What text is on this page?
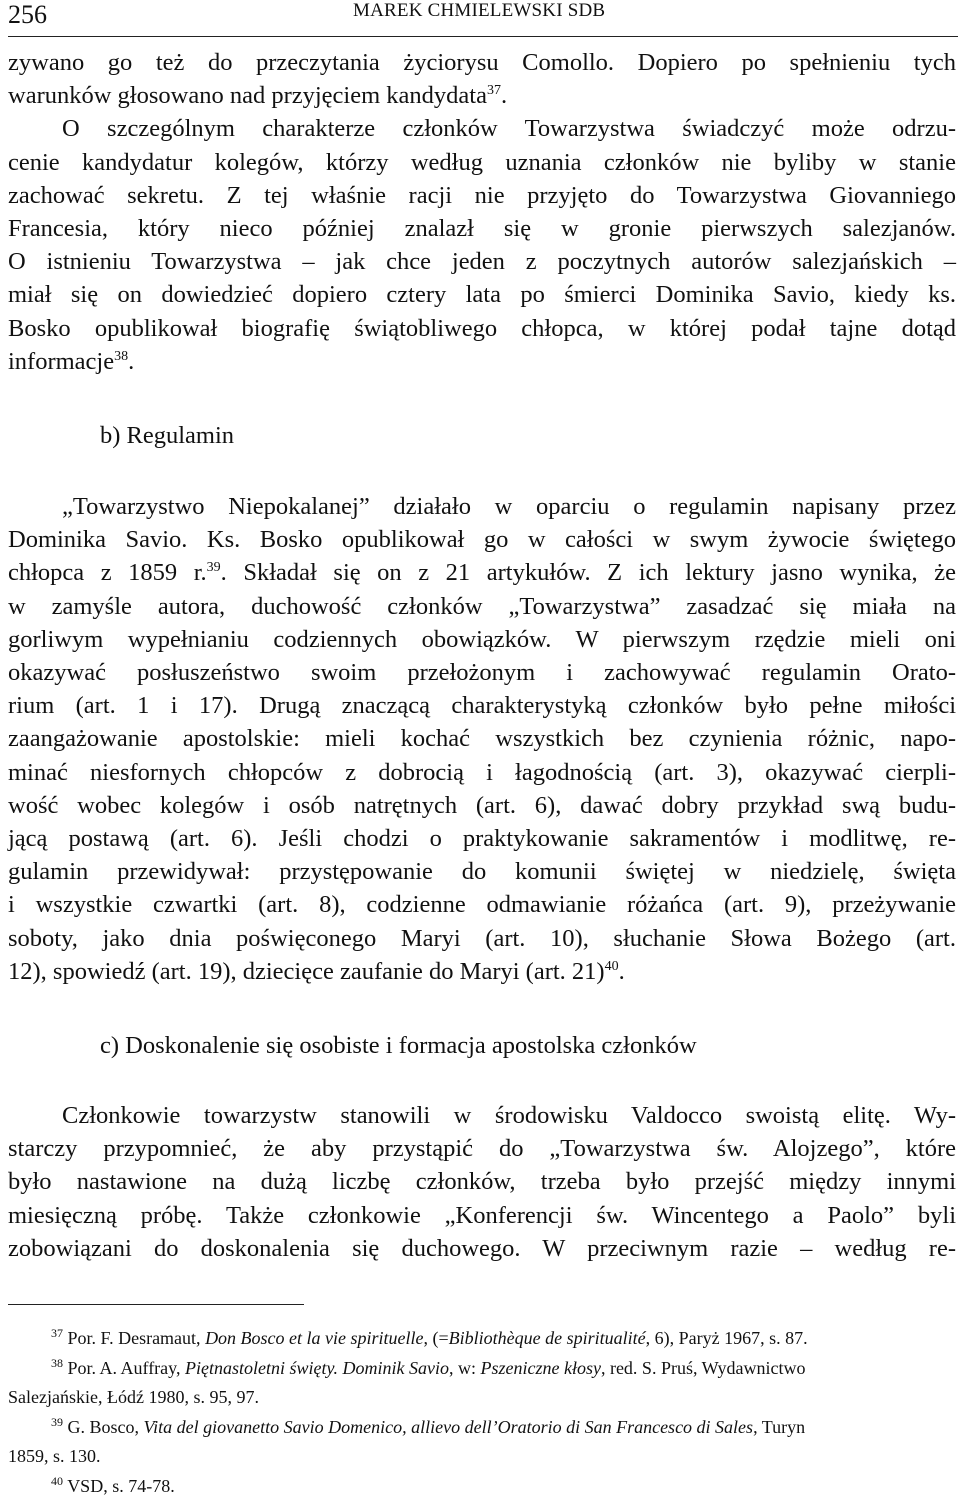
256	MAREK CHMIELEWSKI SDB
zywano go też do przeczytania życiorysu Comollo. Dopiero po spełnieniu tych
warunków głosowano nad przyjęciem kandydata$^{37}$.
O szczególnym charakterze członków Towarzystwa świadczyć może odrzu-
cenie kandydatur kolegów, którzy według uznania członków nie byliby w stanie
zachować sekretu. Z tej właśnie racji nie przyjęto do Towarzystwa Giovanniego
Francesia, który nieco później znalazł się w gronie pierwszych salezjanów.
O istnieniu Towarzystwa – jak chce jeden z poczytnych autorów salezjańskich –
miał się on dowiedzieć dopiero cztery lata po śmierci Dominika Savio, kiedy ks.
Bosko opublikował biografię świątobliwego chłopca, w której podał tajne dotąd
informacje$^{38}$.
b) Regulamin
„Towarzystwo Niepokalanej” działało w oparciu o regulamin napisany przez
Dominika Savio. Ks. Bosko opublikował go w całości w swym żywocie świętego
chłopca z 1859 r.$^{39}$. Składał się on z 21 artykułów. Z ich lektury jasno wynika, że
w zamyśle autora, duchowość członków „Towarzystwa” zasadzać się miała na
gorliwym wypełnianiu codziennych obowiązków. W pierwszym rzędzie mieli oni
okazywać posłuszeństwo swoim przełożonym i zachowywać regulamin Orato-
rium (art. 1 i 17). Drugą znaczącą charakterystyką członków było pełne miłości
zaangażowanie apostolskie: mieli kochać wszystkich bez czynienia różnic, napo-
minać niesfornych chłopców z dobrocią i łagodnością (art. 3), okazywać cierpli-
wość wobec kolegów i osób natrętnych (art. 6), dawać dobry przykład swą budu-
jącą postawą (art. 6). Jeśli chodzi o praktykowanie sakramentów i modlitwę, re-
gulamin przewidywał: przystępowanie do komunii świętej w niedzielę, święta
i wszystkie czwartki (art. 8), codzienne odmawianie różańca (art. 9), przeżywanie
soboty, jako dnia poświęconego Maryi (art. 10), słuchanie Słowa Bożego (art.
12), spowiedź (art. 19), dziecięce zaufanie do Maryi (art. 21)$^{40}$.
c) Doskonalenie się osobiste i formacja apostolska członków
Członkowie towarzystw stanowili w środowisku Valdocco swoistą elitę. Wy-
starczy przypomnieć, że aby przystąpić do „Towarzystwa św. Alojzego”, które
było nastawione na dużą liczbę członków, trzeba było przejść między innymi
miesięczną próbę. Także członkowie „Konferencji św. Wincentego a Paolo” byli
zobowiązani do doskonalenia się duchowego. W przeciwnym razie – według re-
$^{37}$ Por. F. Desramaut, Don Bosco et la vie spirituelle, (=Bibliothèque de spiritualité, 6), Paryż 1967, s. 87.
$^{38}$ Por. A. Auffray, Piętnastoletni święty. Dominik Savio, w: Pszeniczne kłosy, red. S. Pruś, Wydawnictwo
Salezjańskie, Łódź 1980, s. 95, 97.
$^{39}$ G. Bosco, Vita del giovanetto Savio Domenico, allievo dell’Oratorio di San Francesco di Sales, Turyn
1859, s. 130.
$^{40}$ VSD, s. 74-78.
